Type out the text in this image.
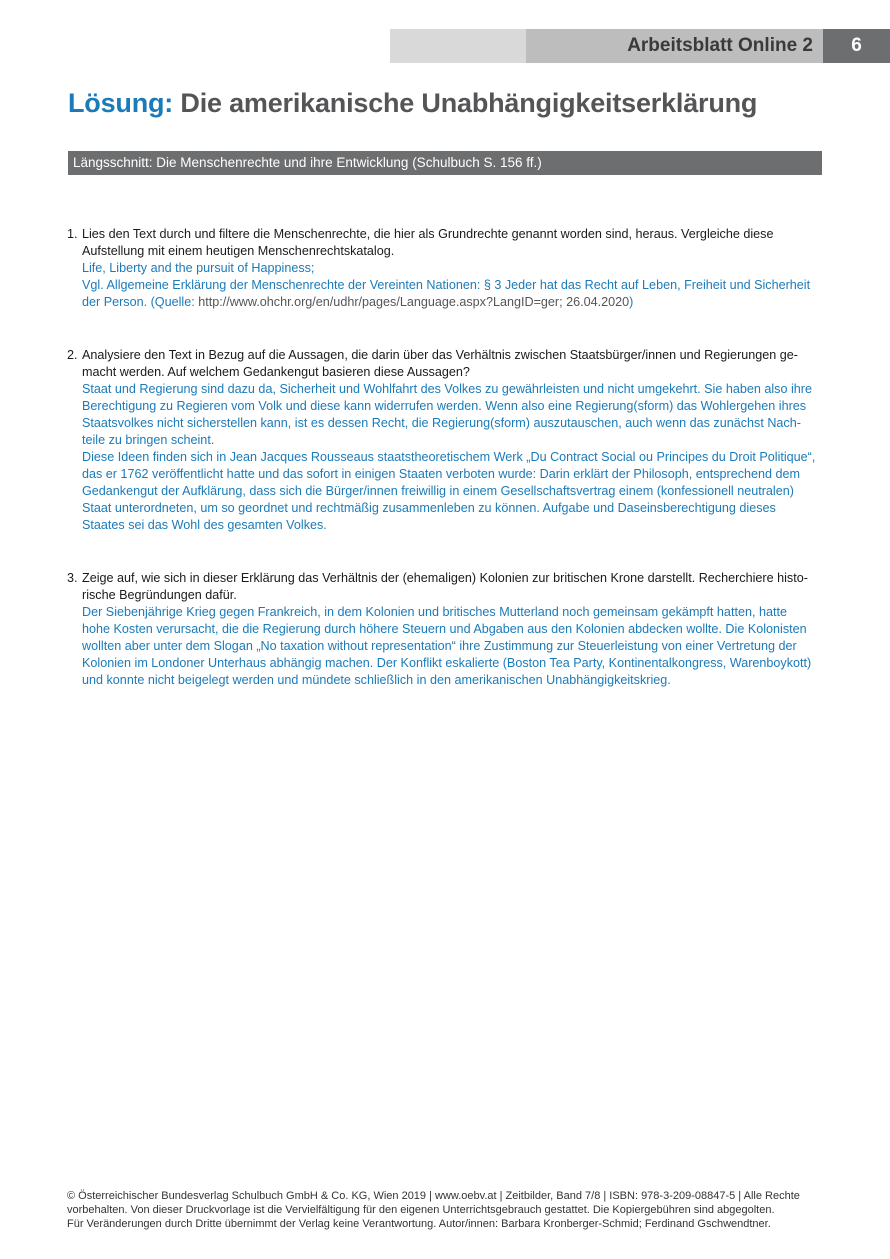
Arbeitsblatt Online 2	6
Lösung: Die amerikanische Unabhängigkeitserklärung
Längsschnitt: Die Menschenrechte und ihre Entwicklung (Schulbuch S. 156 ff.)
1. Lies den Text durch und filtere die Menschenrechte, die hier als Grundrechte genannt worden sind, heraus. Vergleiche diese
Aufstellung mit einem heutigen Menschenrechtskatalog.
Life, Liberty and the pursuit of Happiness;
Vgl. Allgemeine Erklärung der Menschenrechte der Vereinten Nationen: § 3 Jeder hat das Recht auf Leben, Freiheit und Sicherheit
der Person. (Quelle: http://www.ohchr.org/en/udhr/pages/Language.aspx?LangID=ger; 26.04.2020)
2. Analysiere den Text in Bezug auf die Aussagen, die darin über das Verhältnis zwischen Staatsbürger/innen und Regierungen ge-
macht werden. Auf welchem Gedankengut basieren diese Aussagen?
Staat und Regierung sind dazu da, Sicherheit und Wohlfahrt des Volkes zu gewährleisten und nicht umgekehrt. Sie haben also ihre
Berechtigung zu Regieren vom Volk und diese kann widerrufen werden. Wenn also eine Regierung(sform) das Wohlergehen ihres
Staatsvolkes nicht sicherstellen kann, ist es dessen Recht, die Regierung(sform) auszutauschen, auch wenn das zunächst Nach-
teile zu bringen scheint.
Diese Ideen finden sich in Jean Jacques Rousseaus staatstheoretischem Werk „Du Contract Social ou Principes du Droit Politique“,
das er 1762 veröffentlicht hatte und das sofort in einigen Staaten verboten wurde: Darin erklärt der Philosoph, entsprechend dem
Gedankengut der Aufklärung, dass sich die Bürger/innen freiwillig in einem Gesellschaftsvertrag einem (konfessionell neutralen)
Staat unterordneten, um so geordnet und rechtmäßig zusammenleben zu können. Aufgabe und Daseinsberechtigung dieses
Staates sei das Wohl des gesamten Volkes.
3. Zeige auf, wie sich in dieser Erklärung das Verhältnis der (ehemaligen) Kolonien zur britischen Krone darstellt. Recherchiere histo-
rische Begründungen dafür.
Der Siebenjährige Krieg gegen Frankreich, in dem Kolonien und britisches Mutterland noch gemeinsam gekämpft hatten, hatte
hohe Kosten verursacht, die die Regierung durch höhere Steuern und Abgaben aus den Kolonien abdecken wollte. Die Kolonisten
wollten aber unter dem Slogan „No taxation without representation“ ihre Zustimmung zur Steuerleistung von einer Vertretung der
Kolonien im Londoner Unterhaus abhängig machen. Der Konflikt eskalierte (Boston Tea Party, Kontinentalkongress, Warenboykott)
und konnte nicht beigelegt werden und mündete schließlich in den amerikanischen Unabhängigkeitskrieg.
© Österreichischer Bundesverlag Schulbuch GmbH & Co. KG, Wien 2019 | www.oebv.at | Zeitbilder, Band 7/8 | ISBN: 978-3-209-08847-5 | Alle Rechte
vorbehalten. Von dieser Druckvorlage ist die Vervielfältigung für den eigenen Unterrichtsgebrauch gestattet. Die Kopiergebühren sind abgegolten.
Für Veränderungen durch Dritte übernimmt der Verlag keine Verantwortung. Autor/innen: Barbara Kronberger-Schmid; Ferdinand Gschwendtner.
